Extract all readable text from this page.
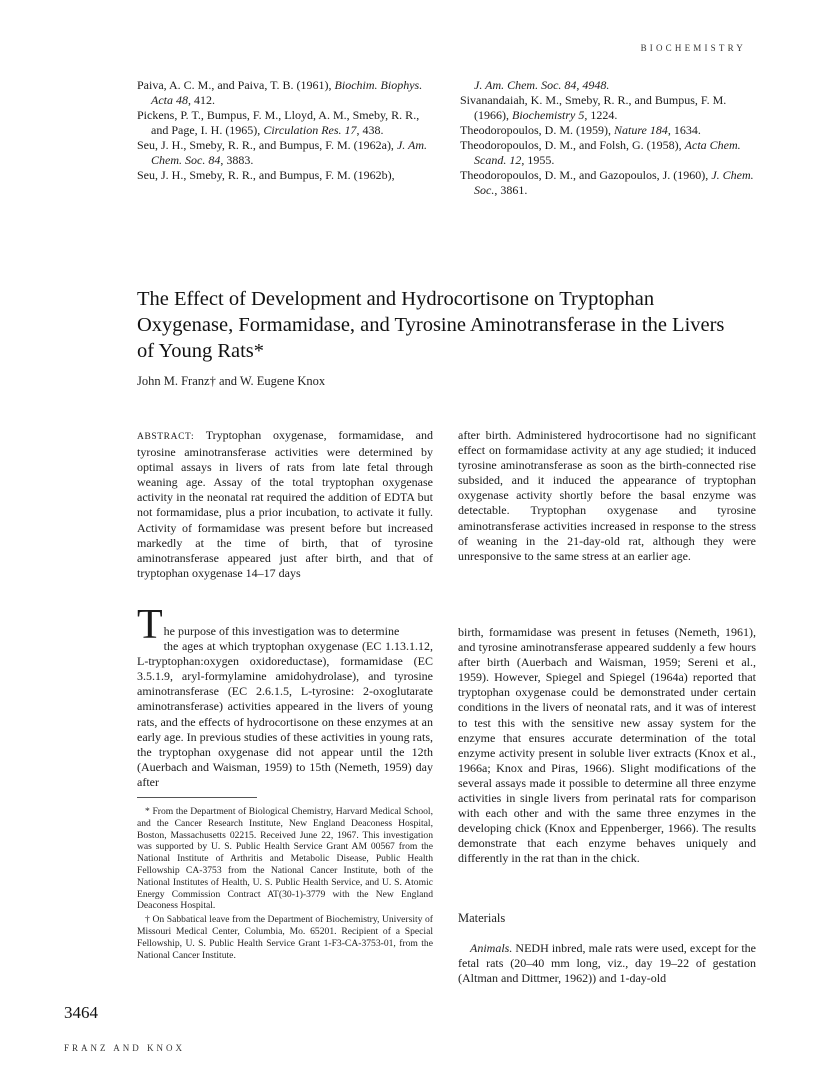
BIOCHEMISTRY
Paiva, A. C. M., and Paiva, T. B. (1961), Biochim. Biophys. Acta 48, 412.
Pickens, P. T., Bumpus, F. M., Lloyd, A. M., Smeby, R. R., and Page, I. H. (1965), Circulation Res. 17, 438.
Seu, J. H., Smeby, R. R., and Bumpus, F. M. (1962a), J. Am. Chem. Soc. 84, 3883.
Seu, J. H., Smeby, R. R., and Bumpus, F. M. (1962b),
J. Am. Chem. Soc. 84, 4948.
Sivanandaiah, K. M., Smeby, R. R., and Bumpus, F. M. (1966), Biochemistry 5, 1224.
Theodoropoulos, D. M. (1959), Nature 184, 1634.
Theodoropoulos, D. M., and Folsh, G. (1958), Acta Chem. Scand. 12, 1955.
Theodoropoulos, D. M., and Gazopoulos, J. (1960), J. Chem. Soc., 3861.
The Effect of Development and Hydrocortisone on Tryptophan Oxygenase, Formamidase, and Tyrosine Aminotransferase in the Livers of Young Rats*
John M. Franz† and W. Eugene Knox
ABSTRACT: Tryptophan oxygenase, formamidase, and tyrosine aminotransferase activities were determined by optimal assays in livers of rats from late fetal through weaning age. Assay of the total tryptophan oxygenase activity in the neonatal rat required the addition of EDTA but not formamidase, plus a prior incubation, to activate it fully. Activity of formamidase was present before but increased markedly at the time of birth, that of tyrosine aminotransferase appeared just after birth, and that of tryptophan oxygenase 14–17 days
after birth. Administered hydrocortisone had no significant effect on formamidase activity at any age studied; it induced tyrosine aminotransferase as soon as the birth-connected rise subsided, and it induced the appearance of tryptophan oxygenase activity shortly before the basal enzyme was detectable. Tryptophan oxygenase and tyrosine aminotransferase activities increased in response to the stress of weaning in the 21-day-old rat, although they were unresponsive to the same stress at an earlier age.
T he purpose of this investigation was to determine
the ages at which tryptophan oxygenase (EC 1.13.1.12, L-tryptophan:oxygen oxidoreductase), formamidase (EC 3.5.1.9, aryl-formylamine amidohydrolase), and tyrosine aminotransferase (EC 2.6.1.5, L-tyrosine: 2-oxoglutarate aminotransferase) activities appeared in the livers of young rats, and the effects of hydrocortisone on these enzymes at an early age. In previous studies of these activities in young rats, the tryptophan oxygenase did not appear until the 12th (Auerbach and Waisman, 1959) to 15th (Nemeth, 1959) day after

* From the Department of Biological Chemistry, Harvard Medical School, and the Cancer Research Institute, New England Deaconess Hospital, Boston, Massachusetts 02215. Received June 22, 1967. This investigation was supported by U. S. Public Health Service Grant AM 00567 from the National Institute of Arthritis and Metabolic Disease, Public Health Fellowship CA-3753 from the National Cancer Institute, both of the National Institutes of Health, U. S. Public Health Service, and U. S. Atomic Energy Commission Contract AT(30-1)-3779 with the New England Deaconess Hospital.

† On Sabbatical leave from the Department of Biochemistry, University of Missouri Medical Center, Columbia, Mo. 65201. Recipient of a Special Fellowship, U. S. Public Health Service Grant 1-F3-CA-3753-01, from the National Cancer Institute.

birth, formamidase was present in fetuses (Nemeth, 1961), and tyrosine aminotransferase appeared suddenly a few hours after birth (Auerbach and Waisman, 1959; Sereni et al., 1959). However, Spiegel and Spiegel (1964a) reported that tryptophan oxygenase could be demonstrated under certain conditions in the livers of neonatal rats, and it was of interest to test this with the sensitive new assay system for the enzyme that ensures accurate determination of the total enzyme activity present in soluble liver extracts (Knox et al., 1966a; Knox and Piras, 1966). Slight modifications of the several assays made it possible to determine all three enzyme activities in single livers from perinatal rats for comparison with each other and with the same three enzymes in the developing chick (Knox and Eppenberger, 1966). The results demonstrate that each enzyme behaves uniquely and differently in the rat than in the chick.
Materials
Animals. NEDH inbred, male rats were used, except for the fetal rats (20–40 mm long, viz., day 19–22 of gestation (Altman and Dittmer, 1962)) and 1-day-old
3464
FRANZ AND KNOX
